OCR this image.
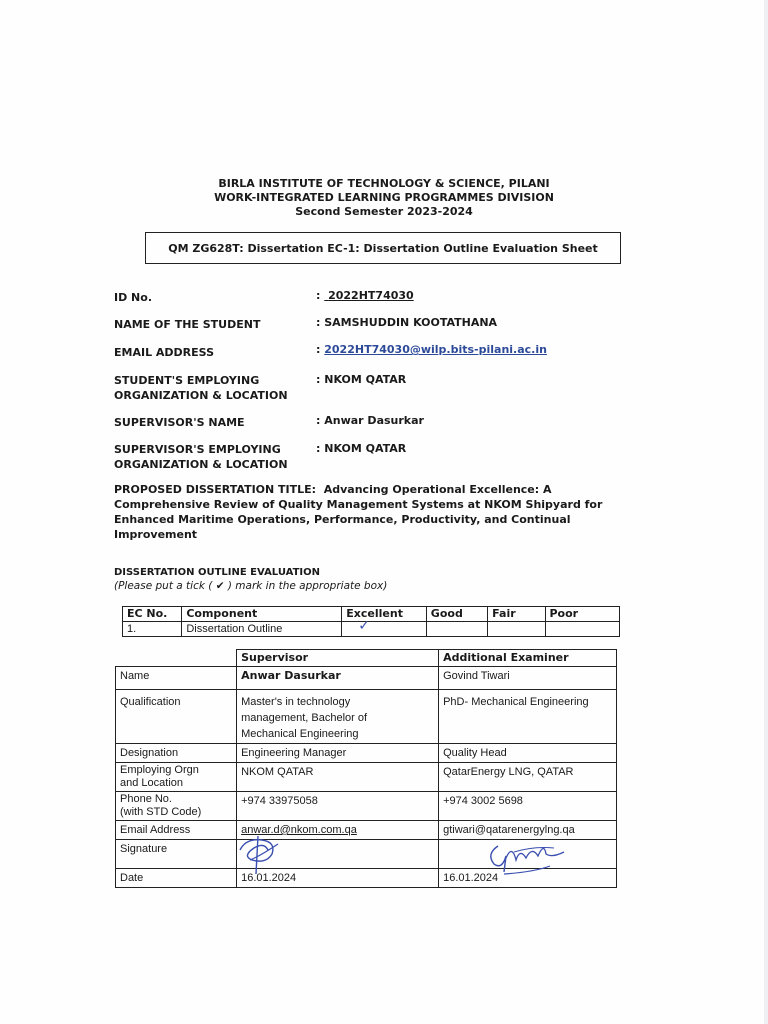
BIRLA INSTITUTE OF TECHNOLOGY & SCIENCE, PILANI
WORK-INTEGRATED LEARNING PROGRAMMES DIVISION
Second Semester 2023-2024
QM ZG628T: Dissertation EC-1: Dissertation Outline Evaluation Sheet
ID No.	: 2022HT74030
NAME OF THE STUDENT	: SAMSHUDDIN KOOTATHANA
EMAIL ADDRESS	: 2022HT74030@wilp.bits-pilani.ac.in
STUDENT'S EMPLOYING
ORGANIZATION & LOCATION
: NKOM QATAR
SUPERVISOR'S NAME	: Anwar Dasurkar
SUPERVISOR'S EMPLOYING
ORGANIZATION & LOCATION
: NKOM QATAR
PROPOSED DISSERTATION TITLE: Advancing Operational Excellence: A Comprehensive Review of Quality Management Systems at NKOM Shipyard for Enhanced Maritime Operations, Performance, Productivity, and Continual Improvement
DISSERTATION OUTLINE EVALUATION
(Please put a tick ( ✔ ) mark in the appropriate box)
EC No.	Component	Excellent	Good	Fair	Poor
1.	Dissertation Outline	✓			

	Supervisor	Additional Examiner
Name	Anwar Dasurkar	Govind Tiwari
Qualification	Master's in technology
management, Bachelor of
Mechanical Engineering	PhD- Mechanical Engineering
Designation	Engineering Manager	Quality Head
Employing Orgn
and Location	NKOM QATAR	QatarEnergy LNG, QATAR
Phone No.
(with STD Code)	+974 33975058	+974 3002 5698
Email Address	anwar.d@nkom.com.qa	gtiwari@qatarenergylng.qa
Signature		
Date	16.01.2024	16.01.2024
